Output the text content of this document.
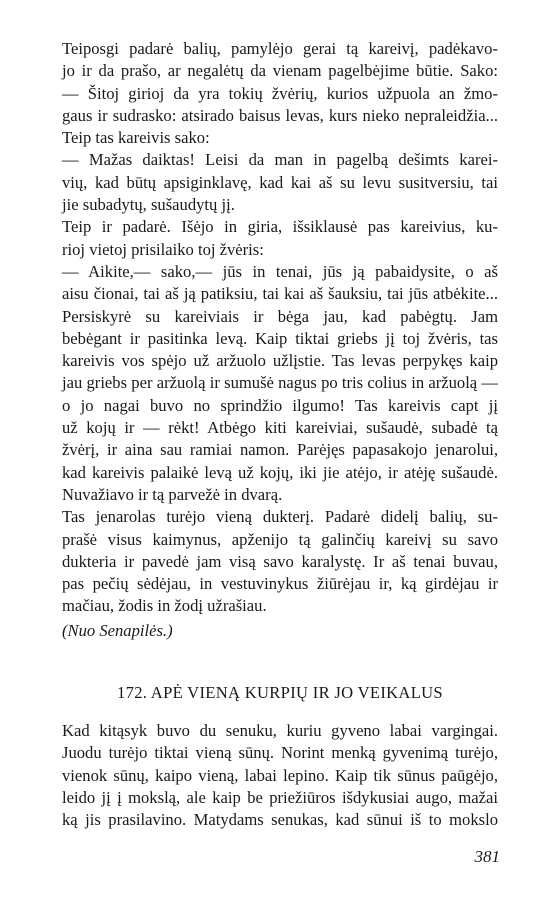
Teiposgi padarė balių, pamylėjo gerai tą kareivį, padėkavo-
jo ir da prašo, ar negalėtų da vienam pagelbėjime būtie. Sako:
— Šitoj girioj da yra tokių žvėrių, kurios užpuola an žmo-
gaus ir sudrasko: atsirado baisus levas, kurs nieko nepraleidžia...
Teip tas kareivis sako:
— Mažas daiktas! Leisi da man in pagelbą dešimts karei-
vių, kad būtų apsiginklavę, kad kai aš su levu susitversiu, tai
jie subadytų, sušaudytų jį.
Teip ir padarė. Išėjo in giria, išsiklausė pas kareivius, ku-
rioj vietoj prisilaiko toj žvėris:
— Aikite,— sako,— jūs in tenai, jūs ją pabaidysite, o aš
aisu čionai, tai aš ją patiksiu, tai kai aš šauksiu, tai jūs atbėkite...
Persiskyrė su kareiviais ir bėga jau, kad pabėgtų. Jam
bebėgant ir pasitinka levą. Kaip tiktai griebs jį toj žvėris, tas
kareivis vos spėjo už aržuolo užlįstie. Tas levas perpykęs kaip
jau griebs per aržuolą ir sumušė nagus po tris colius in aržuolą —
o jo nagai buvo no sprindžio ilgumo! Tas kareivis capt jį
už kojų ir — rėkt! Atbėgo kiti kareiviai, sušaudė, subadė tą
žvėrį, ir aina sau ramiai namon. Parėjęs papasakojo jenarolui,
kad kareivis palaikė levą už kojų, iki jie atėjo, ir atėję sušaudė.
Nuvažiavo ir tą parvežė in dvarą.
Tas jenarolas turėjo vieną dukterį. Padarė didelį balių, su-
prašė visus kaimynus, apženijo tą galinčių kareivį su savo
dukteria ir pavedė jam visą savo karalystę. Ir aš tenai buvau,
pas pečių sėdėjau, in vestuvinykus žiūrėjau ir, ką girdėjau ir
mačiau, žodis in žodį užrašiau.
(Nuo Senapilės.)
172. APĖ VIENĄ KURPIŲ IR JO VEIKALUS
Kad kitąsyk buvo du senuku, kuriu gyveno labai vargingai.
Juodu turėjo tiktai vieną sūnų. Norint menką gyvenimą turėjo,
vienok sūnų, kaipo vieną, labai lepino. Kaip tik sūnus paūgėjo,
leido jį į mokslą, ale kaip be priežiūros išdykusiai augo, mažai
ką jis prasilavino. Matydams senukas, kad sūnui iš to mokslo
381
